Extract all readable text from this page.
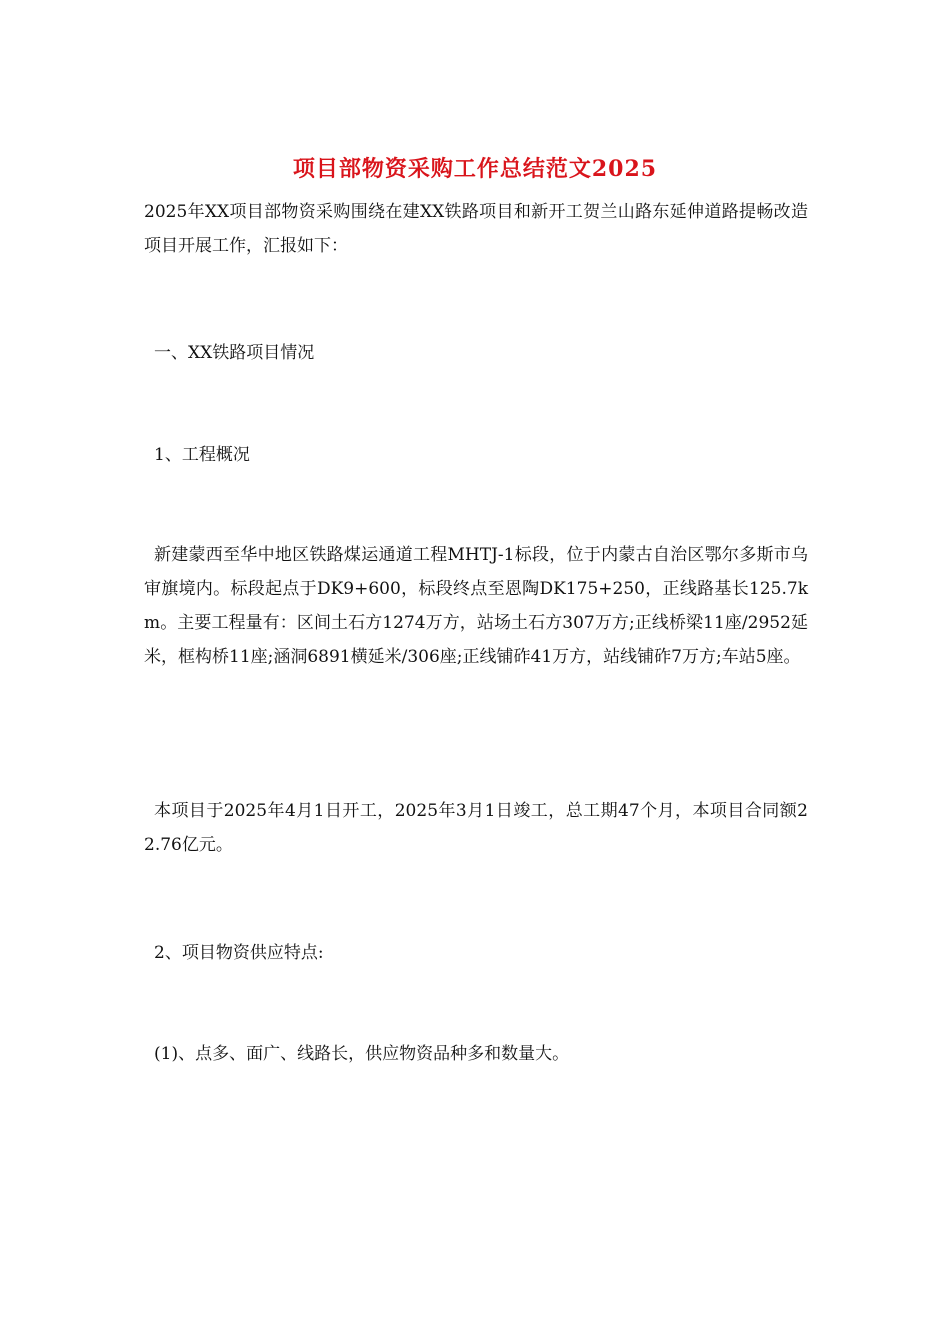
项目部物资采购工作总结范文2025

2025年XX项目部物资采购围绕在建XX铁路项目和新开工贺兰山路东延伸道路提畅改造项目开展工作，汇报如下：

一、XX铁路项目情况

1、工程概况

新建蒙西至华中地区铁路煤运通道工程MHTJ-1标段，位于内蒙古自治区鄂尔多斯市乌审旗境内。标段起点于DK9+600，标段终点至恩陶DK175+250，正线路基长125.7km。主要工程量有：区间土石方1274万方，站场土石方307万方;正线桥梁11座/2952延米，框构桥11座;涵洞6891横延米/306座;正线铺砟41万方，站线铺砟7万方;车站5座。

本项目于2025年4月1日开工，2025年3月1日竣工，总工期47个月，本项目合同额22.76亿元。

2、项目物资供应特点:

(1)、点多、面广、线路长，供应物资品种多和数量大。
